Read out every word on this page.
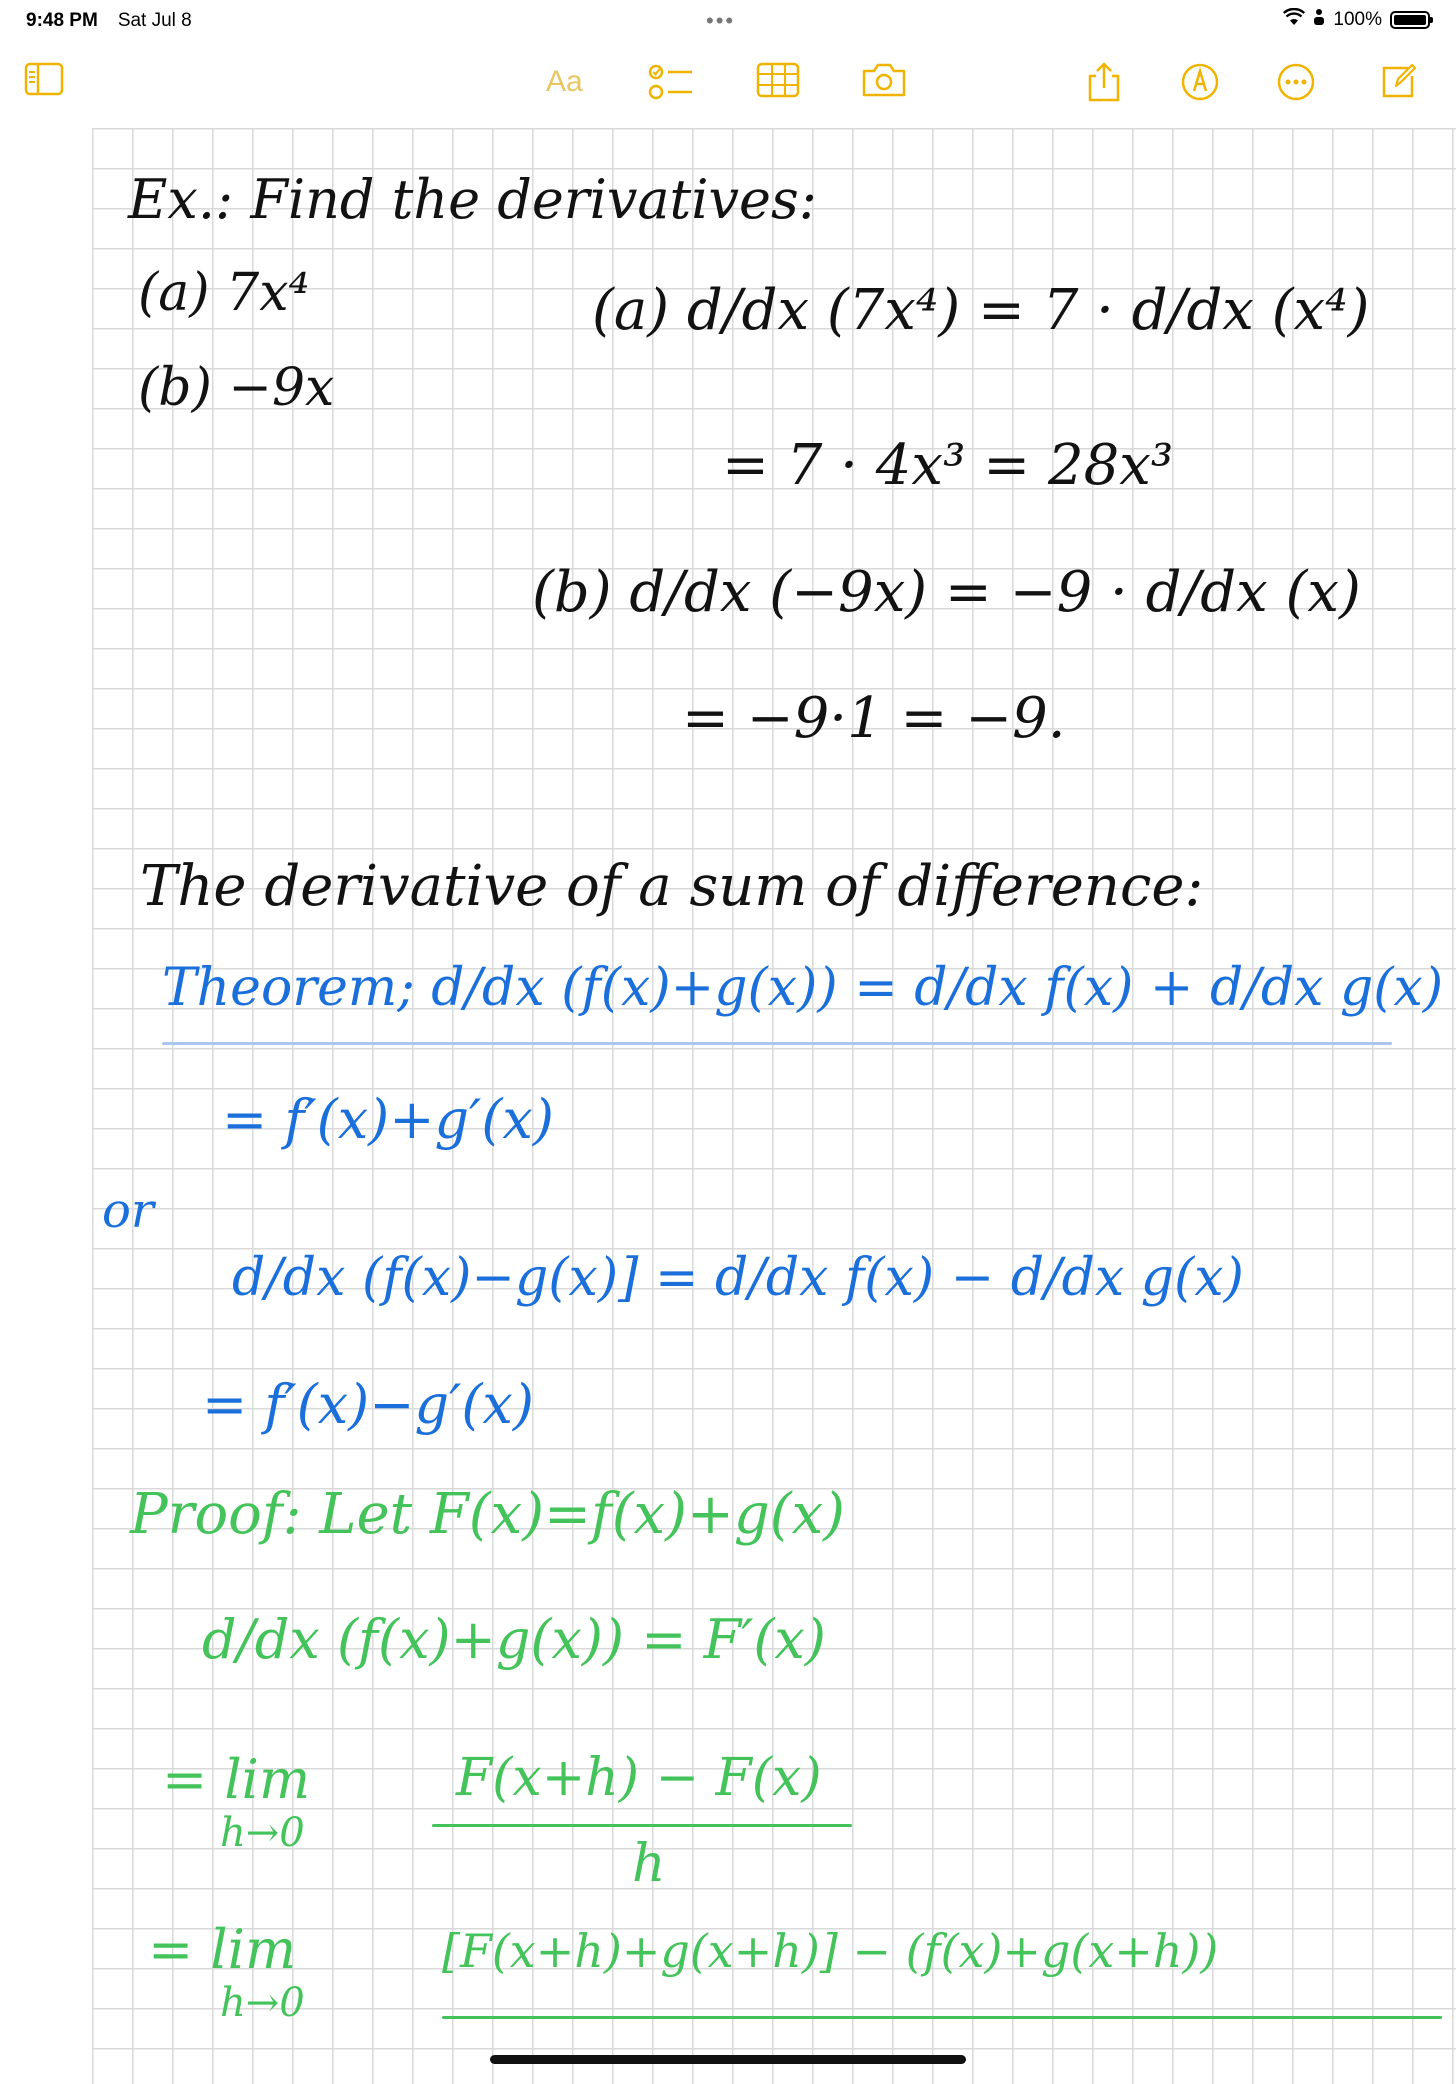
9:48 PM Sat Jul 8	•••	100%
Aa
Ex.: Find the derivatives:
(a) 7x⁴
(b) −9x
(a) d/dx (7x⁴) = 7 · d/dx (x⁴)
= 7 · 4x³ = 28x³
(b) d/dx (−9x) = −9 · d/dx (x)
= −9·1 = −9.
The derivative of a sum of difference:
Theorem; d/dx (f(x)+g(x)) = d/dx f(x) + d/dx g(x)
= f′(x)+g′(x)
or
d/dx (f(x)−g(x)] = d/dx f(x) − d/dx g(x)
= f′(x)−g′(x)
Proof: Let F(x)=f(x)+g(x)
d/dx (f(x)+g(x)) = F′(x)
= lim
h→0
F(x+h) − F(x)
h
= lim
h→0
[F(x+h)+g(x+h)] − (f(x)+g(x+h))
